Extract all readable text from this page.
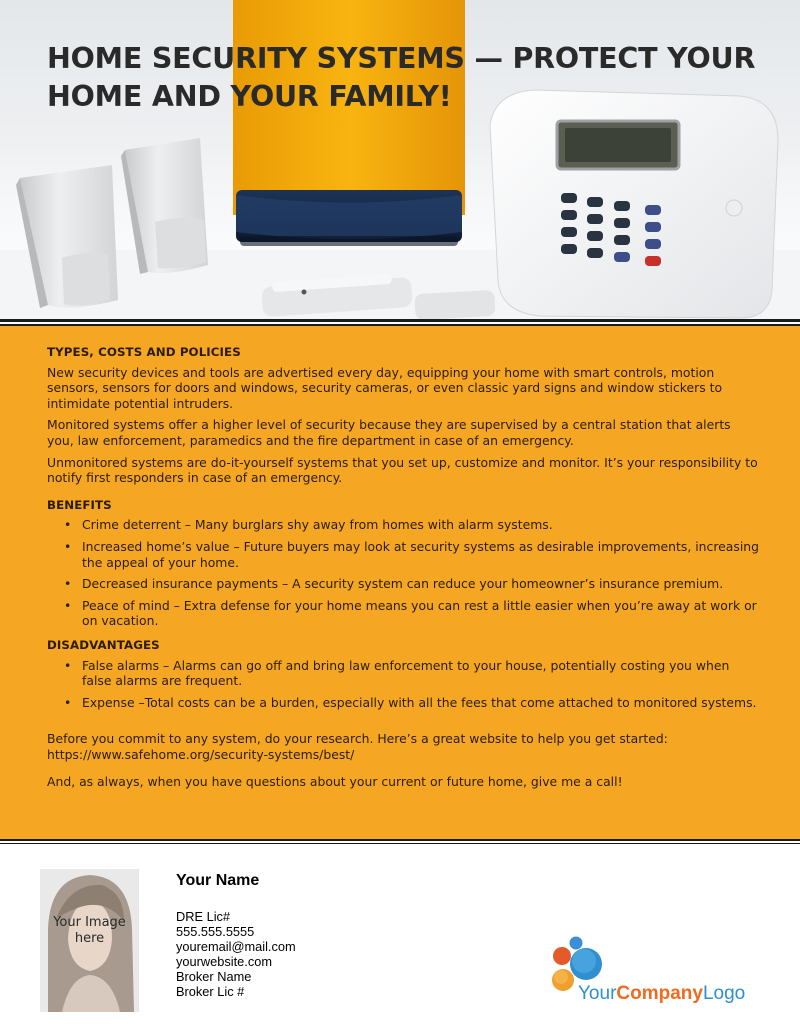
HOME SECURITY SYSTEMS — PROTECT YOUR HOME AND YOUR FAMILY!
TYPES, COSTS AND POLICIES

New security devices and tools are advertised every day, equipping your home with smart controls, motion sensors, sensors for doors and windows, security cameras, or even classic yard signs and window stickers to intimidate potential intruders.

Monitored systems offer a higher level of security because they are supervised by a central station that alerts you, law enforcement, paramedics and the fire department in case of an emergency.

Unmonitored systems are do-it-yourself systems that you set up, customize and monitor. It’s your responsibility to notify first responders in case of an emergency.

BENEFITS
• Crime deterrent – Many burglars shy away from homes with alarm systems.
• Increased home’s value – Future buyers may look at security systems as desirable improvements, increasing the appeal of your home.
• Decreased insurance payments – A security system can reduce your homeowner’s insurance premium.
• Peace of mind – Extra defense for your home means you can rest a little easier when you’re away at work or on vacation.
DISADVANTAGES
• False alarms – Alarms can go off and bring law enforcement to your house, potentially costing you when false alarms are frequent.
• Expense –Total costs can be a burden, especially with all the fees that come attached to monitored systems.

Before you commit to any system, do your research. Here’s a great website to help you get started: https://www.safehome.org/security-systems/best/

And, as always, when you have questions about your current or future home, give me a call!

Your Image here
Your Name
DRE Lic#
555.555.5555
youremail@mail.com
yourwebsite.com
Broker Name
Broker Lic #	YourCompanyLogo
